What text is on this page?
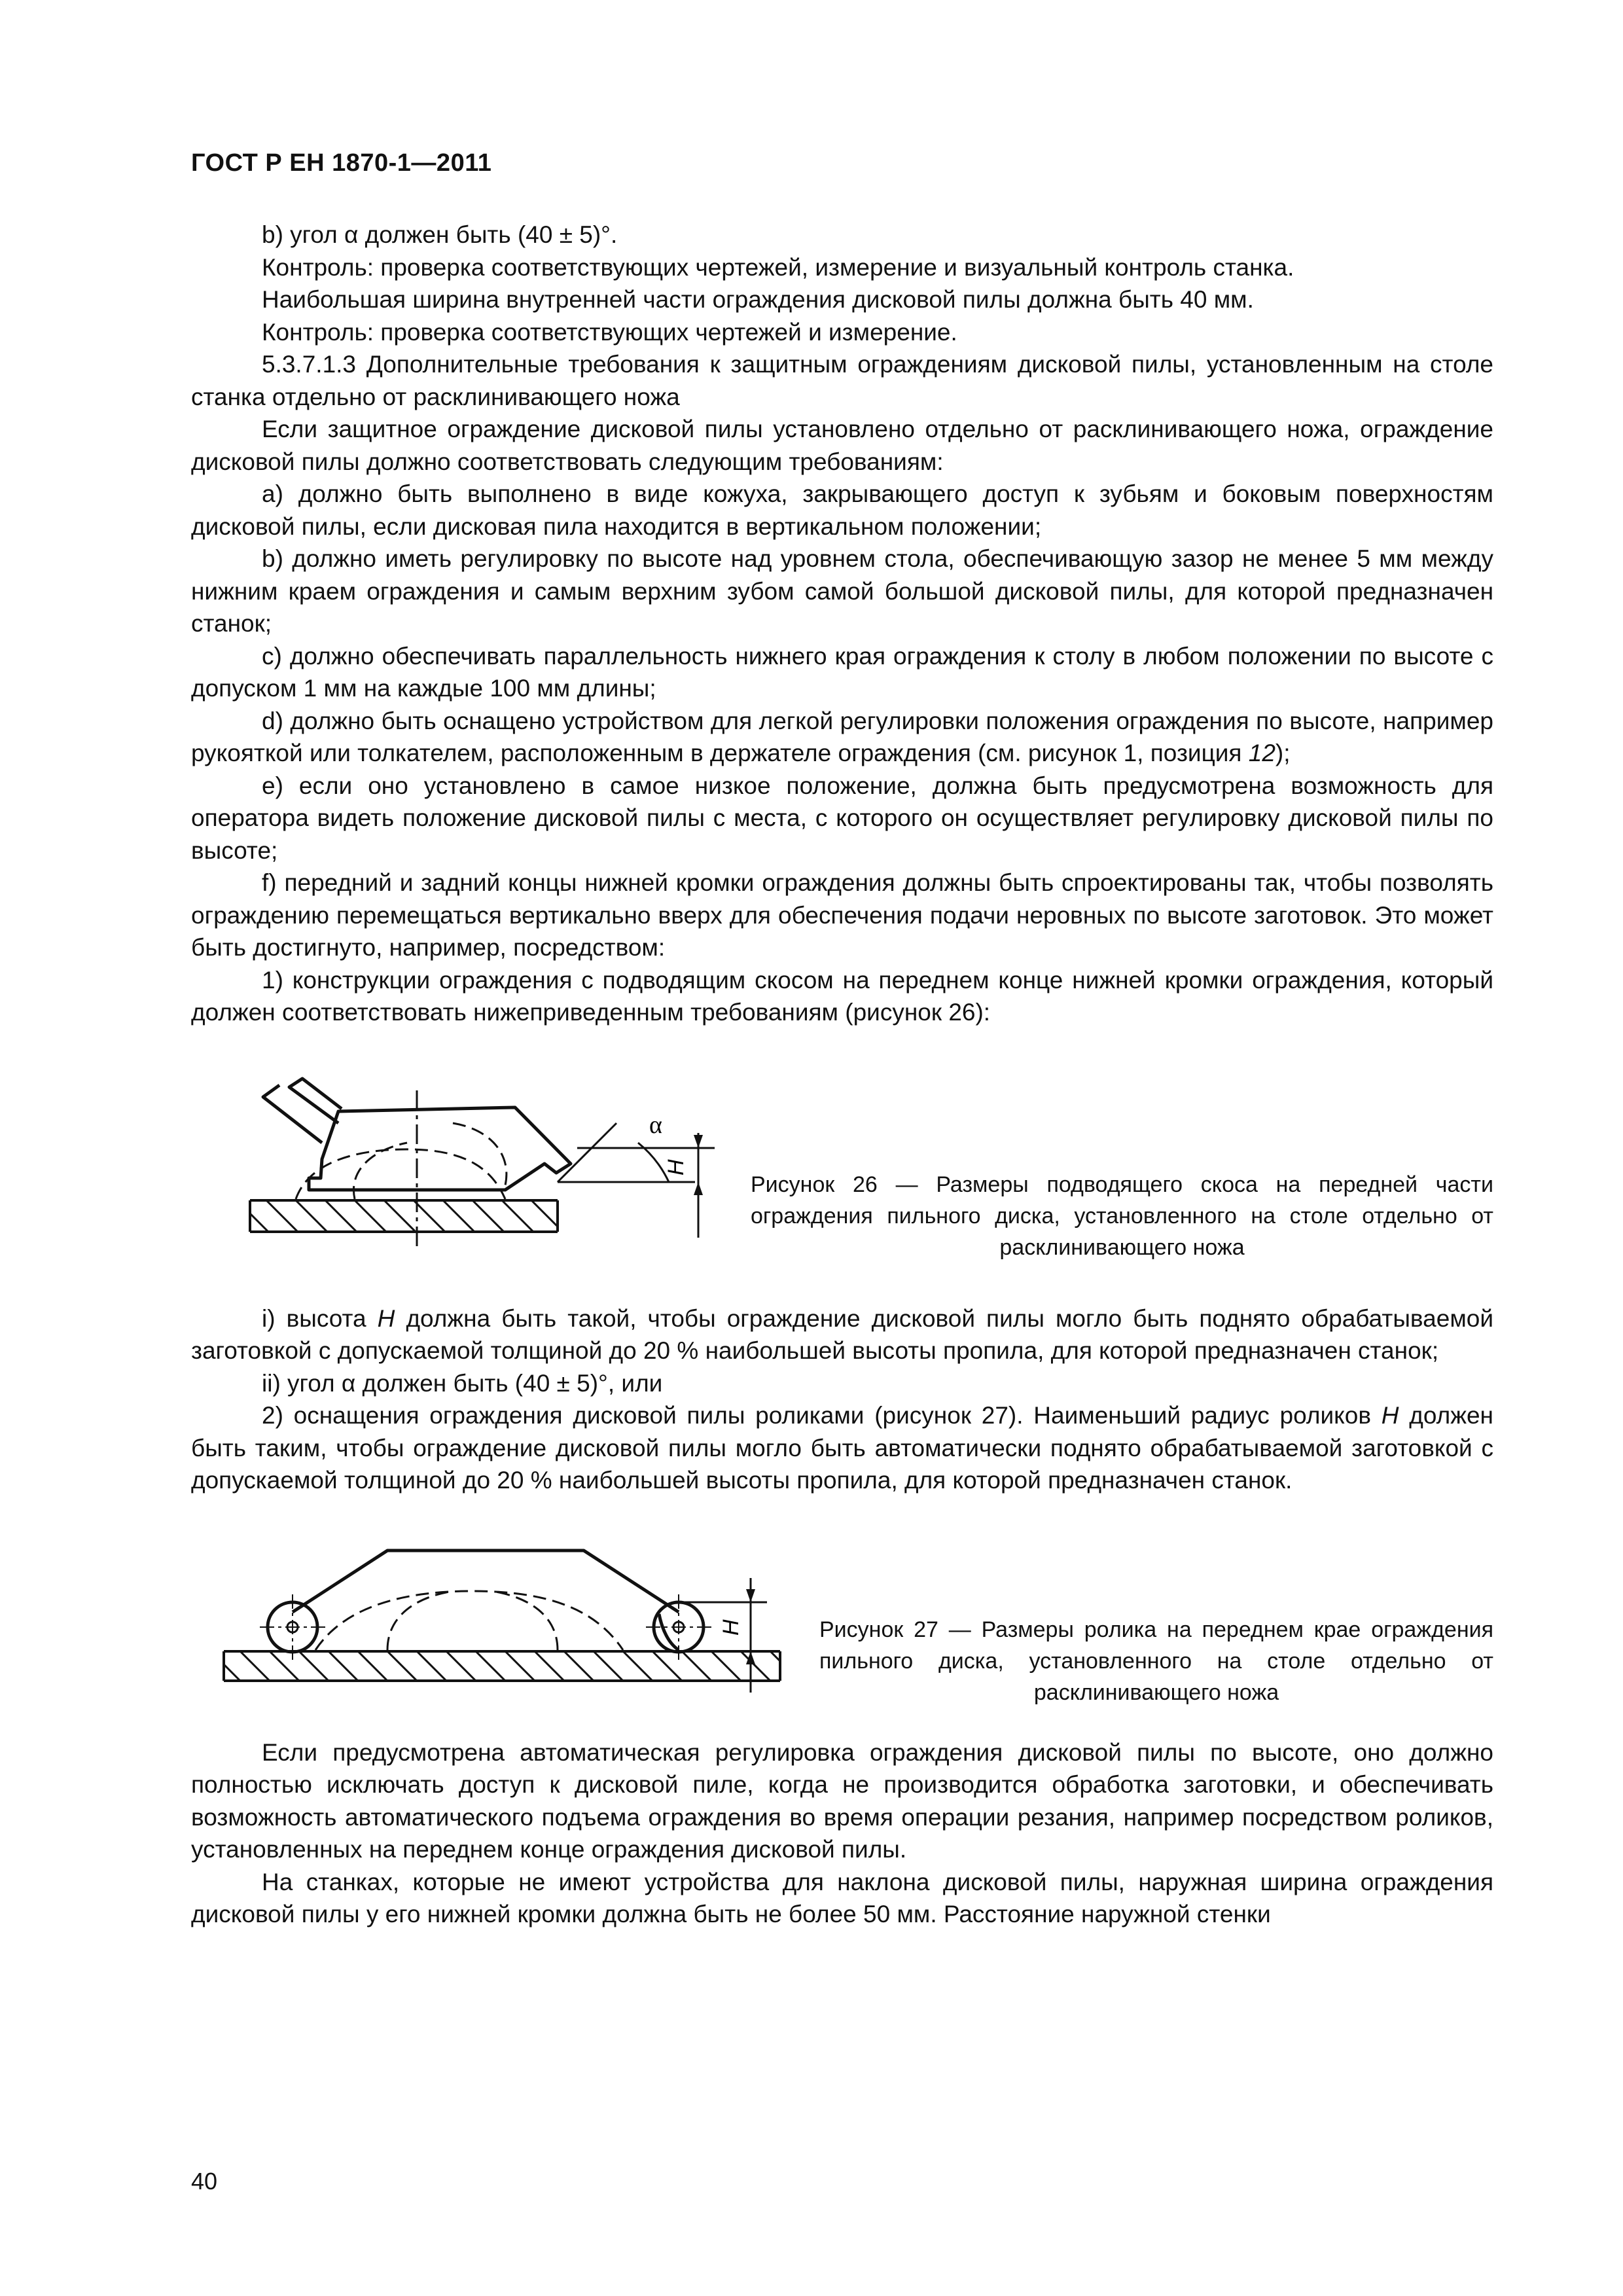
ГОСТ Р ЕН 1870-1—2011

b) угол α должен быть (40 ± 5)°.

Контроль: проверка соответствующих чертежей, измерение и визуальный контроль станка.

Наибольшая ширина внутренней части ограждения дисковой пилы должна быть 40 мм.

Контроль: проверка соответствующих чертежей и измерение.

5.3.7.1.3 Дополнительные требования к защитным ограждениям дисковой пилы, установленным на столе станка отдельно от расклинивающего ножа

Если защитное ограждение дисковой пилы установлено отдельно от расклинивающего ножа, ограждение дисковой пилы должно соответствовать следующим требованиям:

a) должно быть выполнено в виде кожуха, закрывающего доступ к зубьям и боковым поверхностям дисковой пилы, если дисковая пила находится в вертикальном положении;

b) должно иметь регулировку по высоте над уровнем стола, обеспечивающую зазор не менее 5 мм между нижним краем ограждения и самым верхним зубом самой большой дисковой пилы, для которой предназначен станок;

c) должно обеспечивать параллельность нижнего края ограждения к столу в любом положении по высоте с допуском 1 мм на каждые 100 мм длины;

d) должно быть оснащено устройством для легкой регулировки положения ограждения по высоте, например рукояткой или толкателем, расположенным в держателе ограждения (см. рисунок 1, позиция 12);

e) если оно установлено в самое низкое положение, должна быть предусмотрена возможность для оператора видеть положение дисковой пилы с места, с которого он осуществляет регулировку дисковой пилы по высоте;

f) передний и задний концы нижней кромки ограждения должны быть спроектированы так, чтобы позволять ограждению перемещаться вертикально вверх для обеспечения подачи неровных по высоте заготовок. Это может быть достигнуто, например, посредством:

1) конструкции ограждения с подводящим скосом на переднем конце нижней кромки ограждения, который должен соответствовать нижеприведенным требованиям (рисунок 26):

α
H
Рисунок 26 — Размеры подводящего скоса на передней части ограждения пильного диска, установленного на столе отдельно от расклинивающего ножа

i) высота H должна быть такой, чтобы ограждение дисковой пилы могло быть поднято обрабатываемой заготовкой с допускаемой толщиной до 20 % наибольшей высоты пропила, для которой предназначен станок;

ii) угол α должен быть (40 ± 5)°, или

2) оснащения ограждения дисковой пилы роликами (рисунок 27). Наименьший радиус роликов H должен быть таким, чтобы ограждение дисковой пилы могло быть автоматически поднято обрабатываемой заготовкой с допускаемой толщиной до 20 % наибольшей высоты пропила, для которой предназначен станок.

H	Рисунок 27 — Размеры ролика на переднем крае ограждения пильного диска, установленного на столе отдельно от расклинивающего ножа

Если предусмотрена автоматическая регулировка ограждения дисковой пилы по высоте, оно должно полностью исключать доступ к дисковой пиле, когда не производится обработка заготовки, и обеспечивать возможность автоматического подъема ограждения во время операции резания, например посредством роликов, установленных на переднем конце ограждения дисковой пилы.

На станках, которые не имеют устройства для наклона дисковой пилы, наружная ширина ограждения дисковой пилы у его нижней кромки должна быть не более 50 мм. Расстояние наружной стенки

40
